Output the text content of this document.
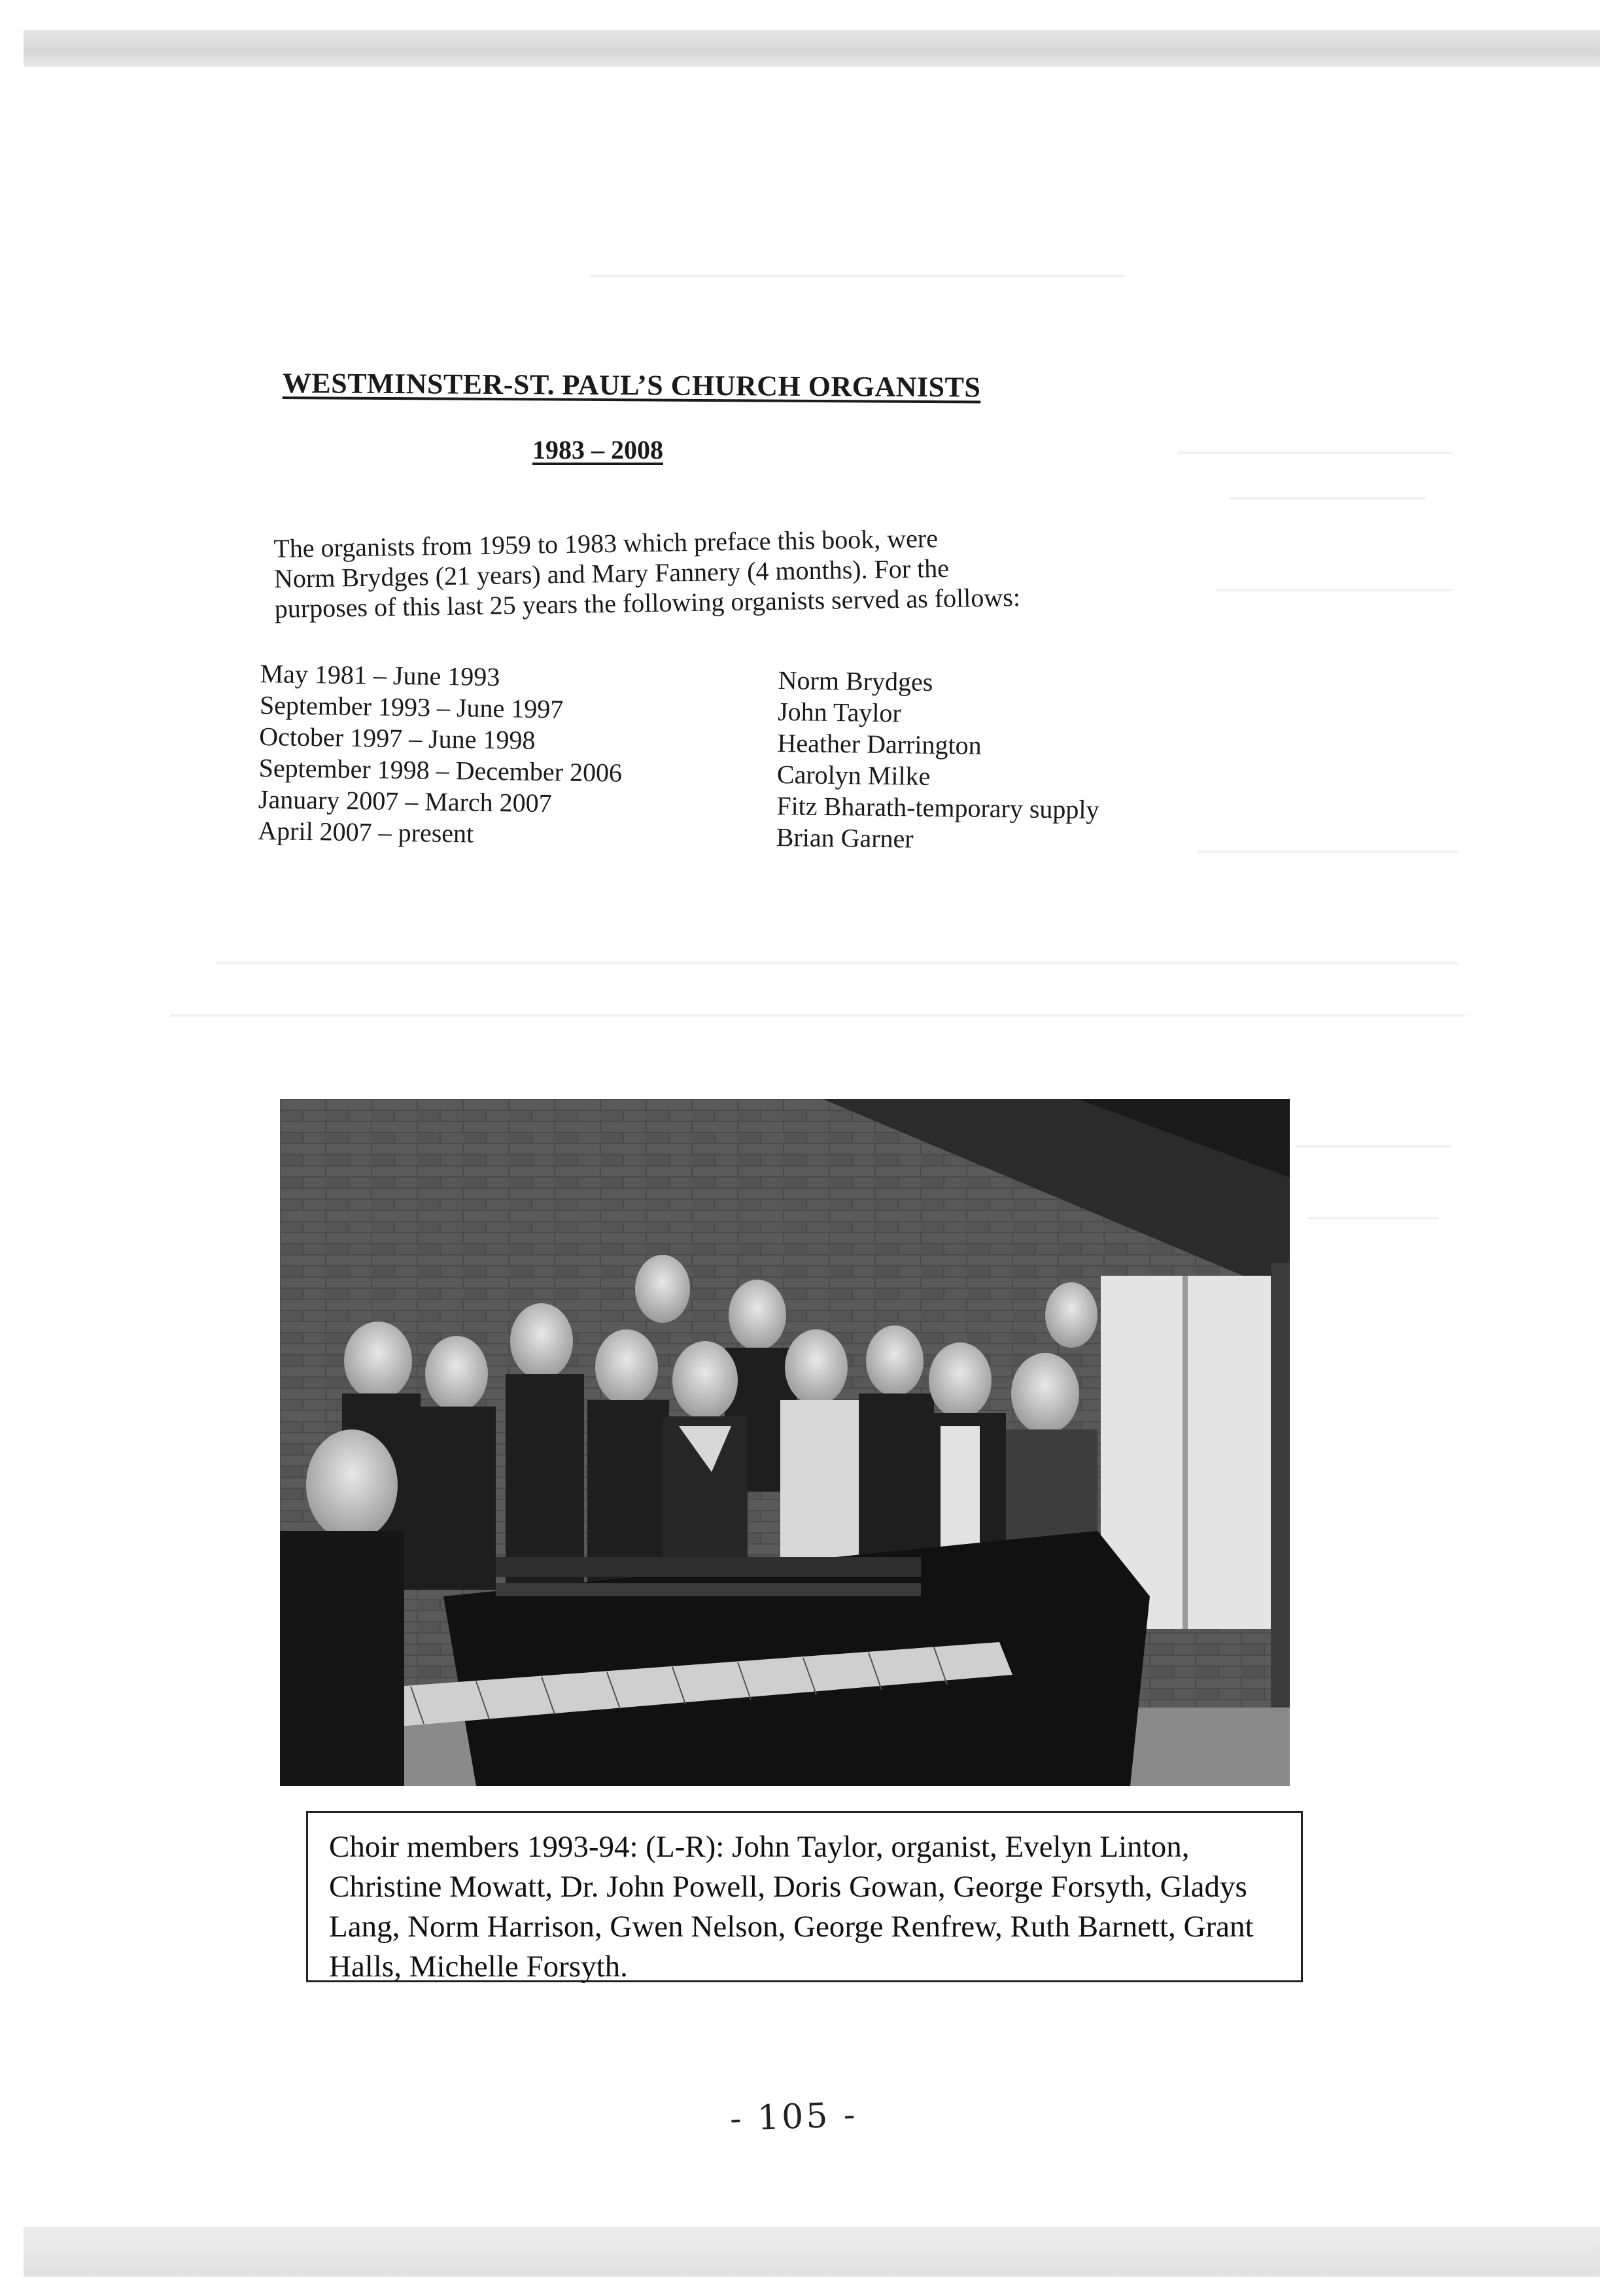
WESTMINSTER-ST. PAUL’S CHURCH ORGANISTS
1983 – 2008

The organists from 1959 to 1983 which preface this book, were

Norm Brydges (21 years) and Mary Fannery (4 months). For the

purposes of this last 25 years the following organists served as follows:

May 1981 – June 1993
September 1993 – June 1997
October 1997 – June 1998
September 1998 – December 2006
January 2007 – March 2007
April 2007 – present
Norm Brydges
John Taylor
Heather Darrington
Carolyn Milke
Fitz Bharath-temporary supply
Brian Garner
Choir members 1993-94: (L-R): John Taylor, organist, Evelyn Linton, Christine Mowatt, Dr. John Powell, Doris Gowan, George Forsyth, Gladys Lang, Norm Harrison, Gwen Nelson, George Renfrew, Ruth Barnett, Grant Halls, Michelle Forsyth.
- 105 -
